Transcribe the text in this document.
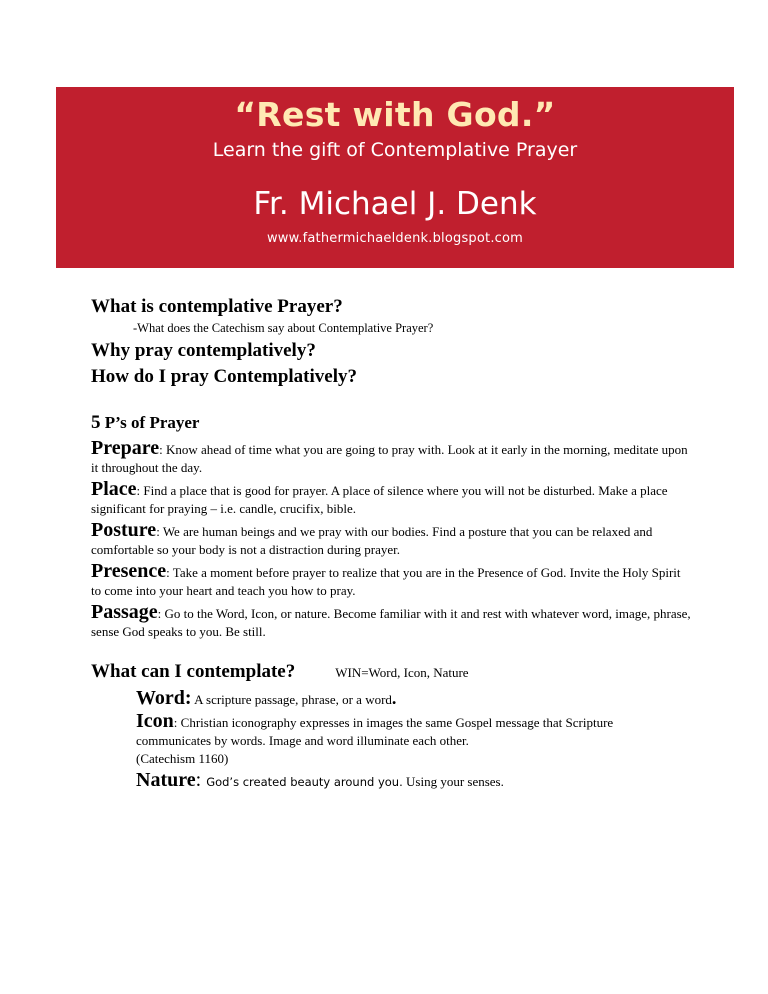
“Rest with God.”
Learn the gift of Contemplative Prayer
Fr. Michael J. Denk
www.fathermichaeldenk.blogspot.com
What is contemplative Prayer?
-What does the Catechism say about Contemplative Prayer?
Why pray contemplatively?
How do I pray Contemplatively?
5 P’s of Prayer
Prepare: Know ahead of time what you are going to pray with. Look at it early in the morning, meditate upon it throughout the day.
Place: Find a place that is good for prayer. A place of silence where you will not be disturbed. Make a place significant for praying – i.e. candle, crucifix, bible.
Posture: We are human beings and we pray with our bodies. Find a posture that you can be relaxed and comfortable so your body is not a distraction during prayer.
Presence: Take a moment before prayer to realize that you are in the Presence of God. Invite the Holy Spirit to come into your heart and teach you how to pray.
Passage: Go to the Word, Icon, or nature. Become familiar with it and rest with whatever word, image, phrase, sense God speaks to you. Be still.
What can I contemplate?	WIN=Word, Icon, Nature
Word: A scripture passage, phrase, or a word.
Icon: Christian iconography expresses in images the same Gospel message that Scripture communicates by words. Image and word illuminate each other.
(Catechism 1160)
Nature: God’s created beauty around you. Using your senses.
